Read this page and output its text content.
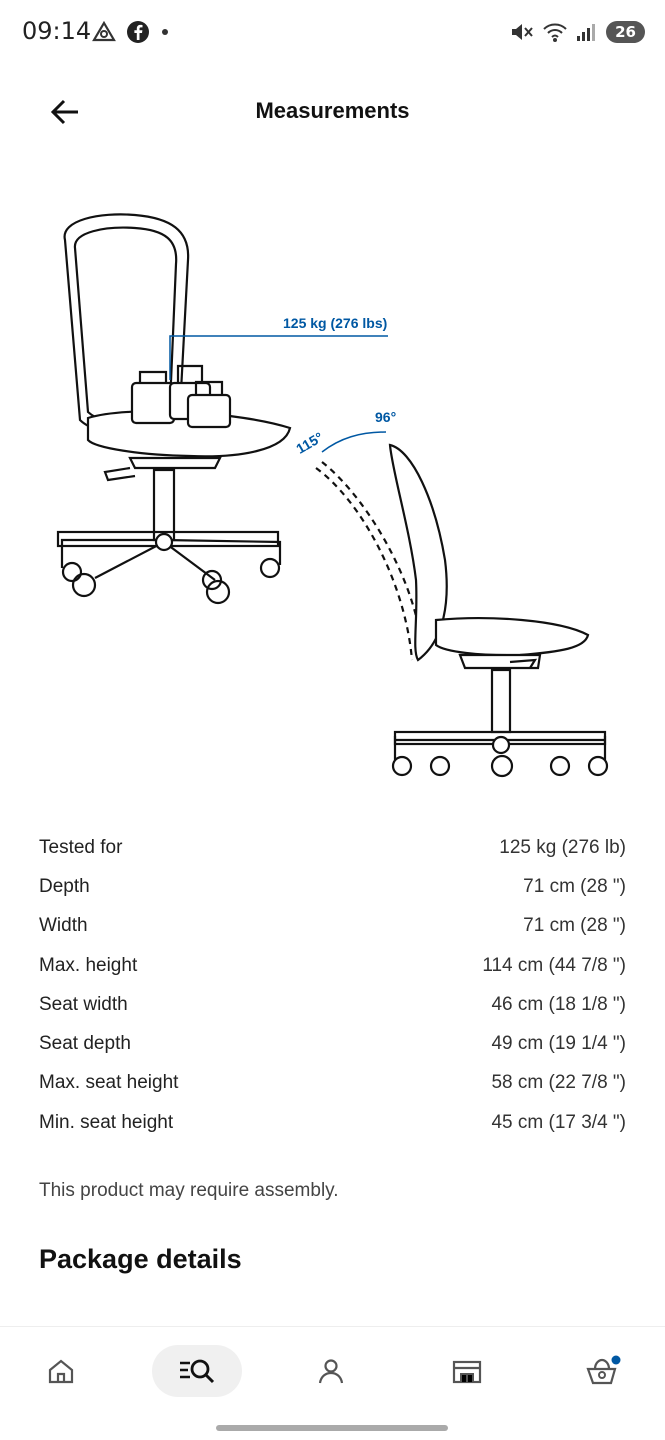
09:14	26
Measurements
125 kg (276 lbs)
96°
115°
Tested for	125 kg (276 lb)
Depth	71 cm (28 ")
Width	71 cm (28 ")
Max. height	114 cm (44 7/8 ")
Seat width	46 cm (18 1/8 ")
Seat depth	49 cm (19 1/4 ")
Max. seat height	58 cm (22 7/8 ")
Min. seat height	45 cm (17 3/4 ")
This product may require assembly.
Package details
